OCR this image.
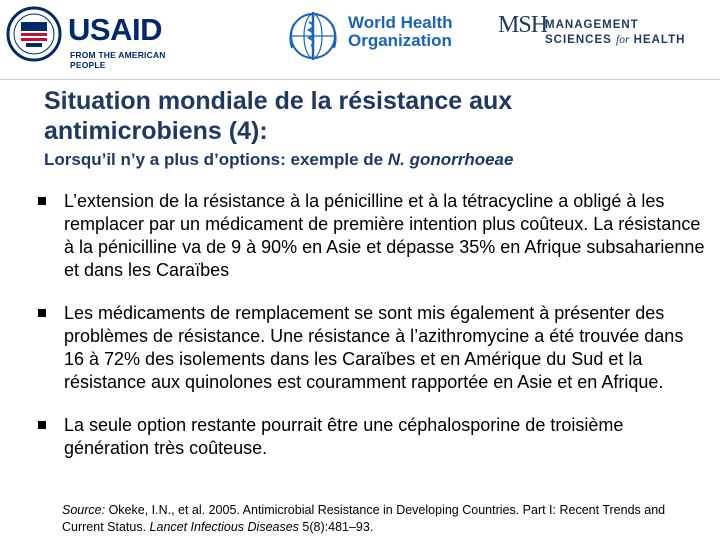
USAID
FROM THE AMERICAN PEOPLE
World Health
Organization
MSH
MANAGEMENT
SCIENCES for HEALTH
Situation mondiale de la résistance aux antimicrobiens (4):

Lorsqu’il n’y a plus d’options: exemple de N. gonorrhoeae

L’extension de la résistance à la pénicilline et à la tétracycline a obligé à les remplacer par un médicament de première intention plus coûteux. La résistance à la pénicilline va de 9 à 90% en Asie et dépasse 35% en Afrique subsaharienne et dans les Caraïbes
Les médicaments de remplacement se sont mis également à présenter des problèmes de résistance. Une résistance à l’azithromycine a été trouvée dans 16 à 72% des isolements dans les Caraïbes et en Amérique du Sud et la résistance aux quinolones est couramment rapportée en Asie et en Afrique.
La seule option restante pourrait être une céphalosporine de troisième génération très coûteuse.
Source: Okeke, I.N., et al. 2005. Antimicrobial Resistance in Developing Countries. Part I: Recent Trends and Current Status. Lancet Infectious Diseases 5(8):481–93.
